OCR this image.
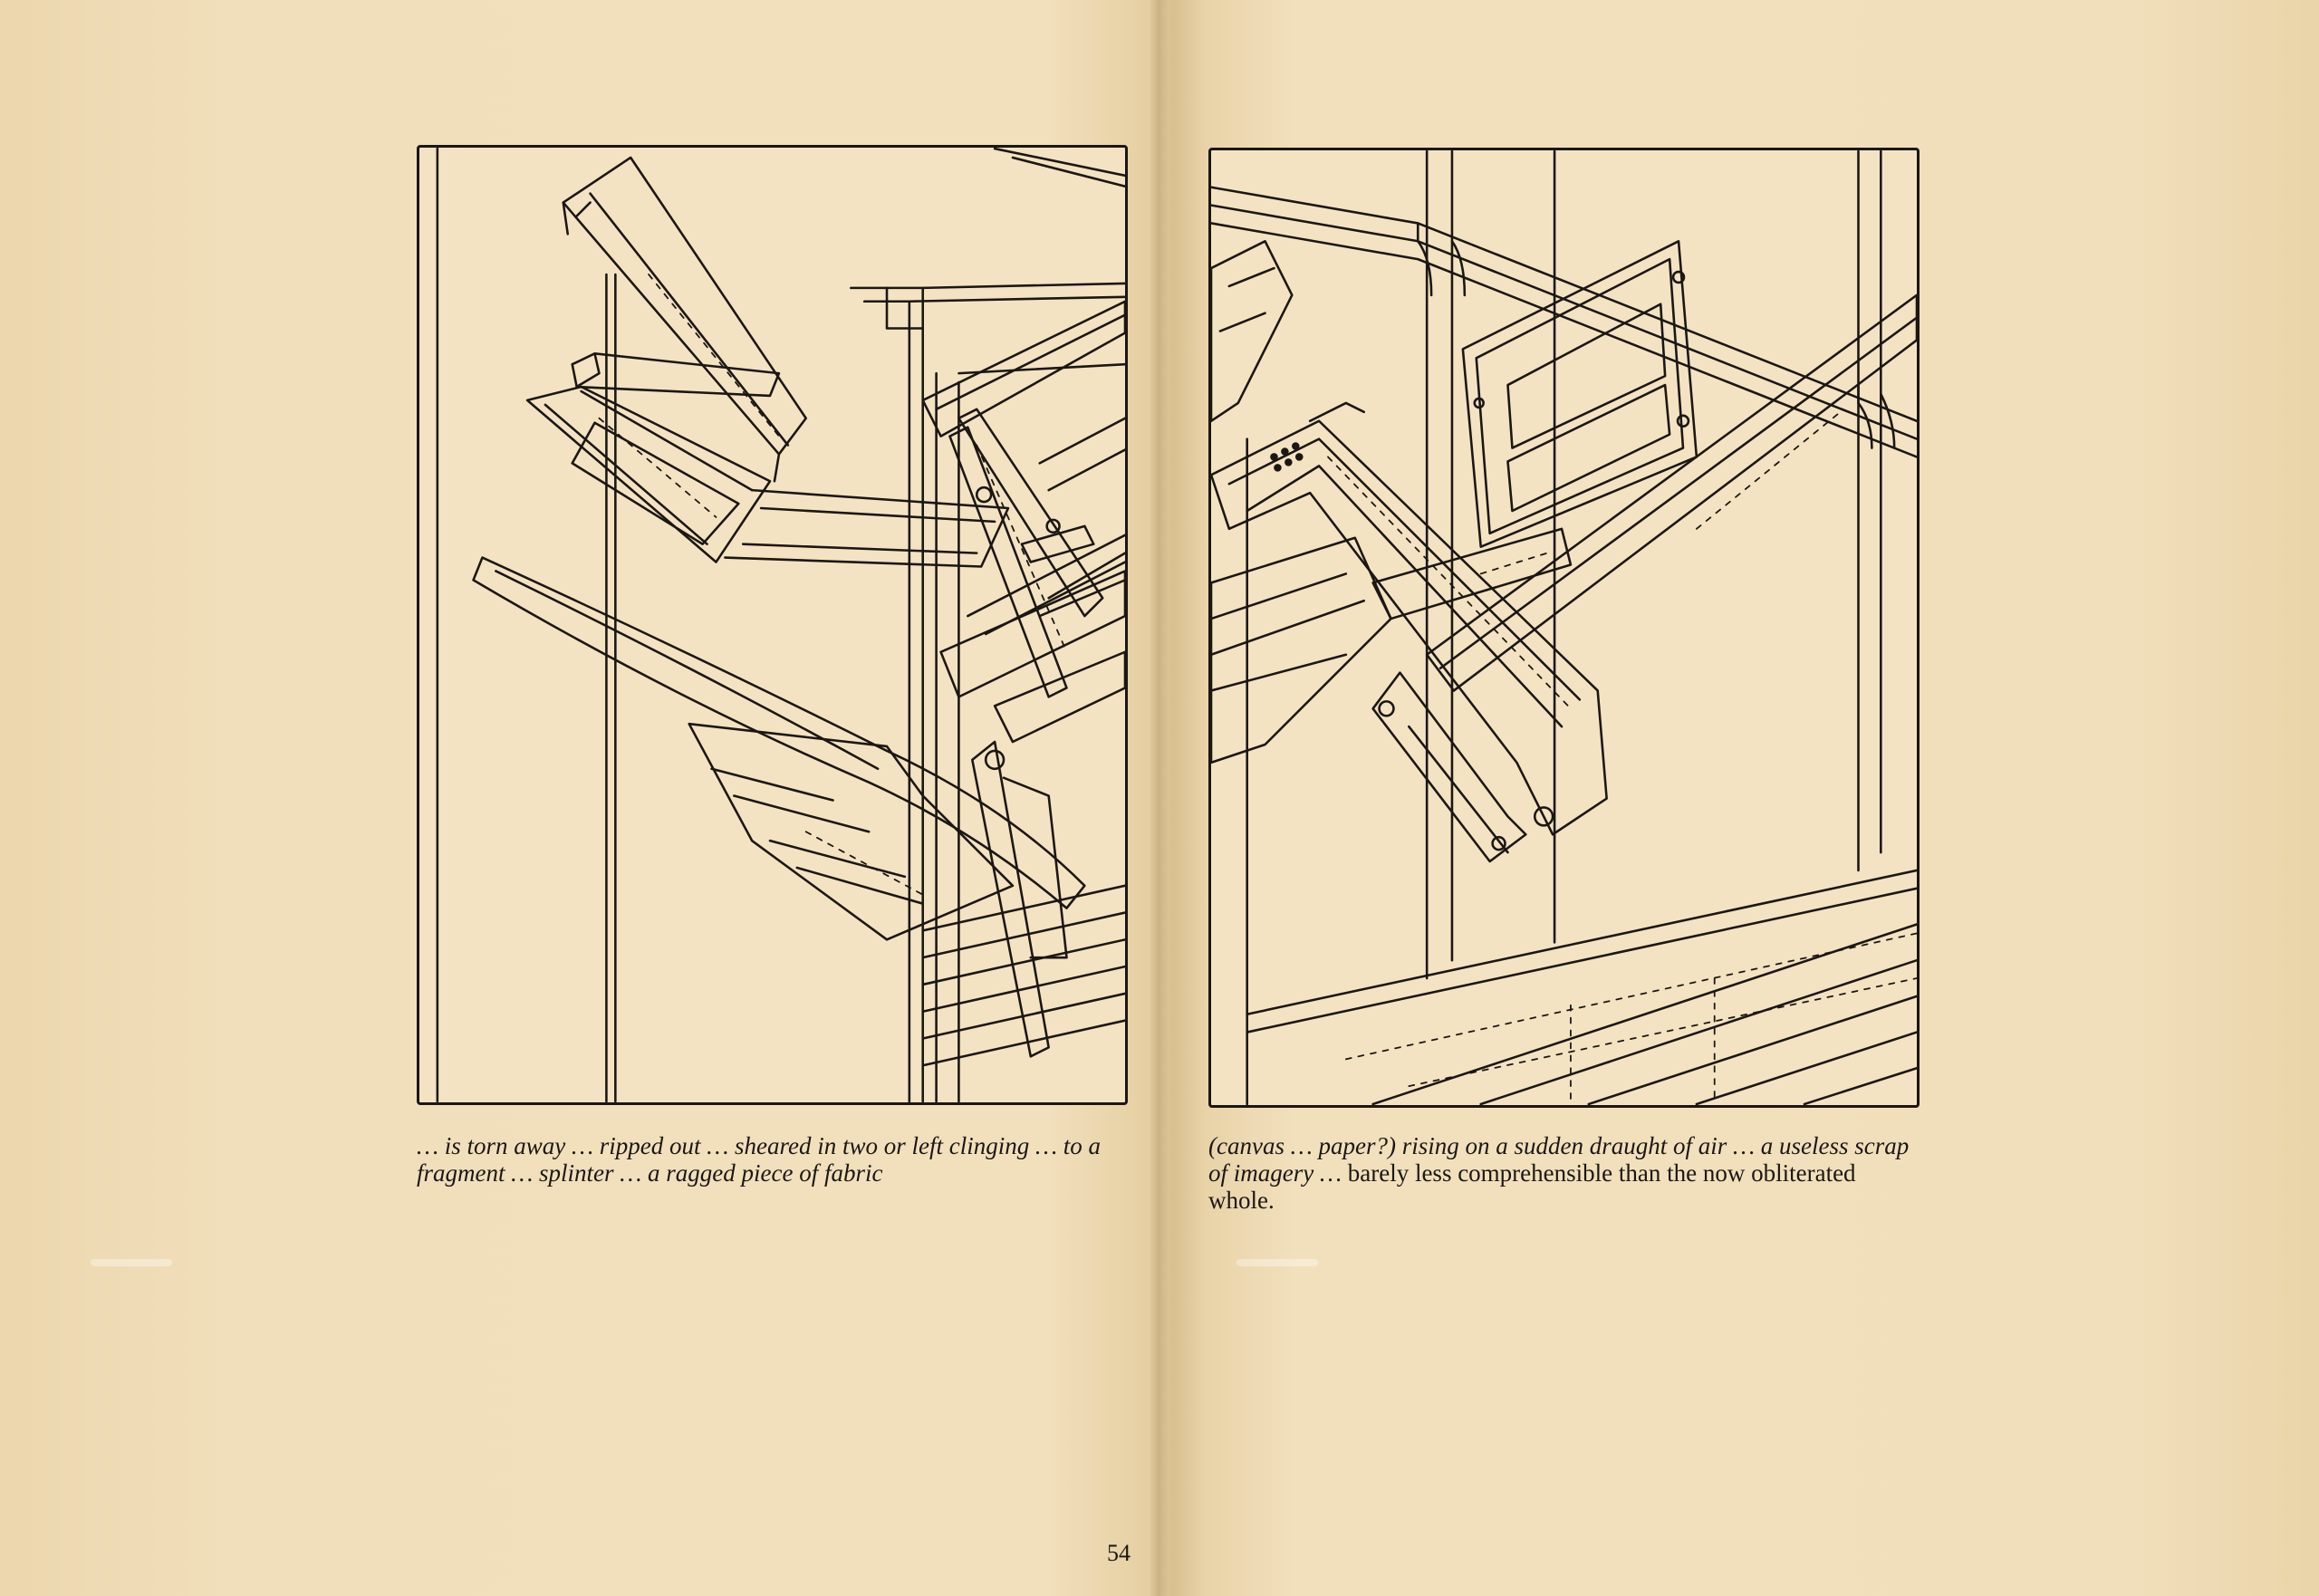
… is torn away … ripped out … sheared in two or left clinging … to a fragment … splinter … a ragged piece of fabric
(canvas … paper?) rising on a sudden draught of air … a useless scrap of imagery … barely less comprehensible than the now obliterated whole.
54
